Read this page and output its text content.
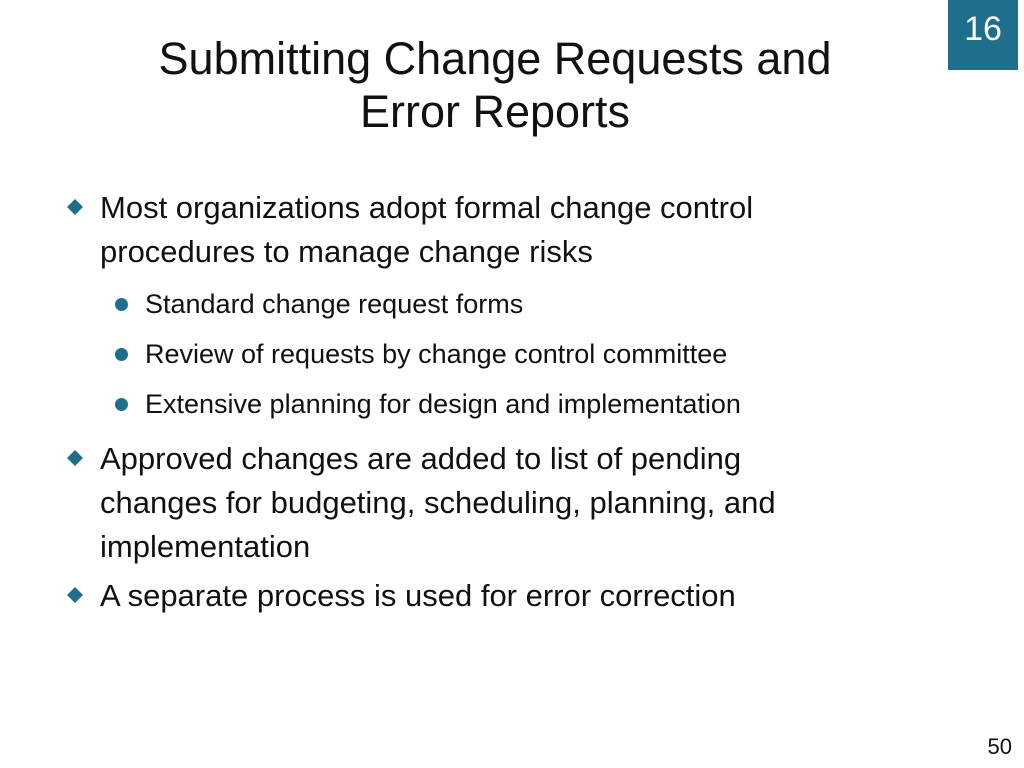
16
Submitting Change Requests and
Error Reports
Most organizations adopt formal change control
procedures to manage change risks
Standard change request forms
Review of requests by change control committee
Extensive planning for design and implementation
Approved changes are added to list of pending
changes for budgeting, scheduling, planning, and
implementation
A separate process is used for error correction
50
